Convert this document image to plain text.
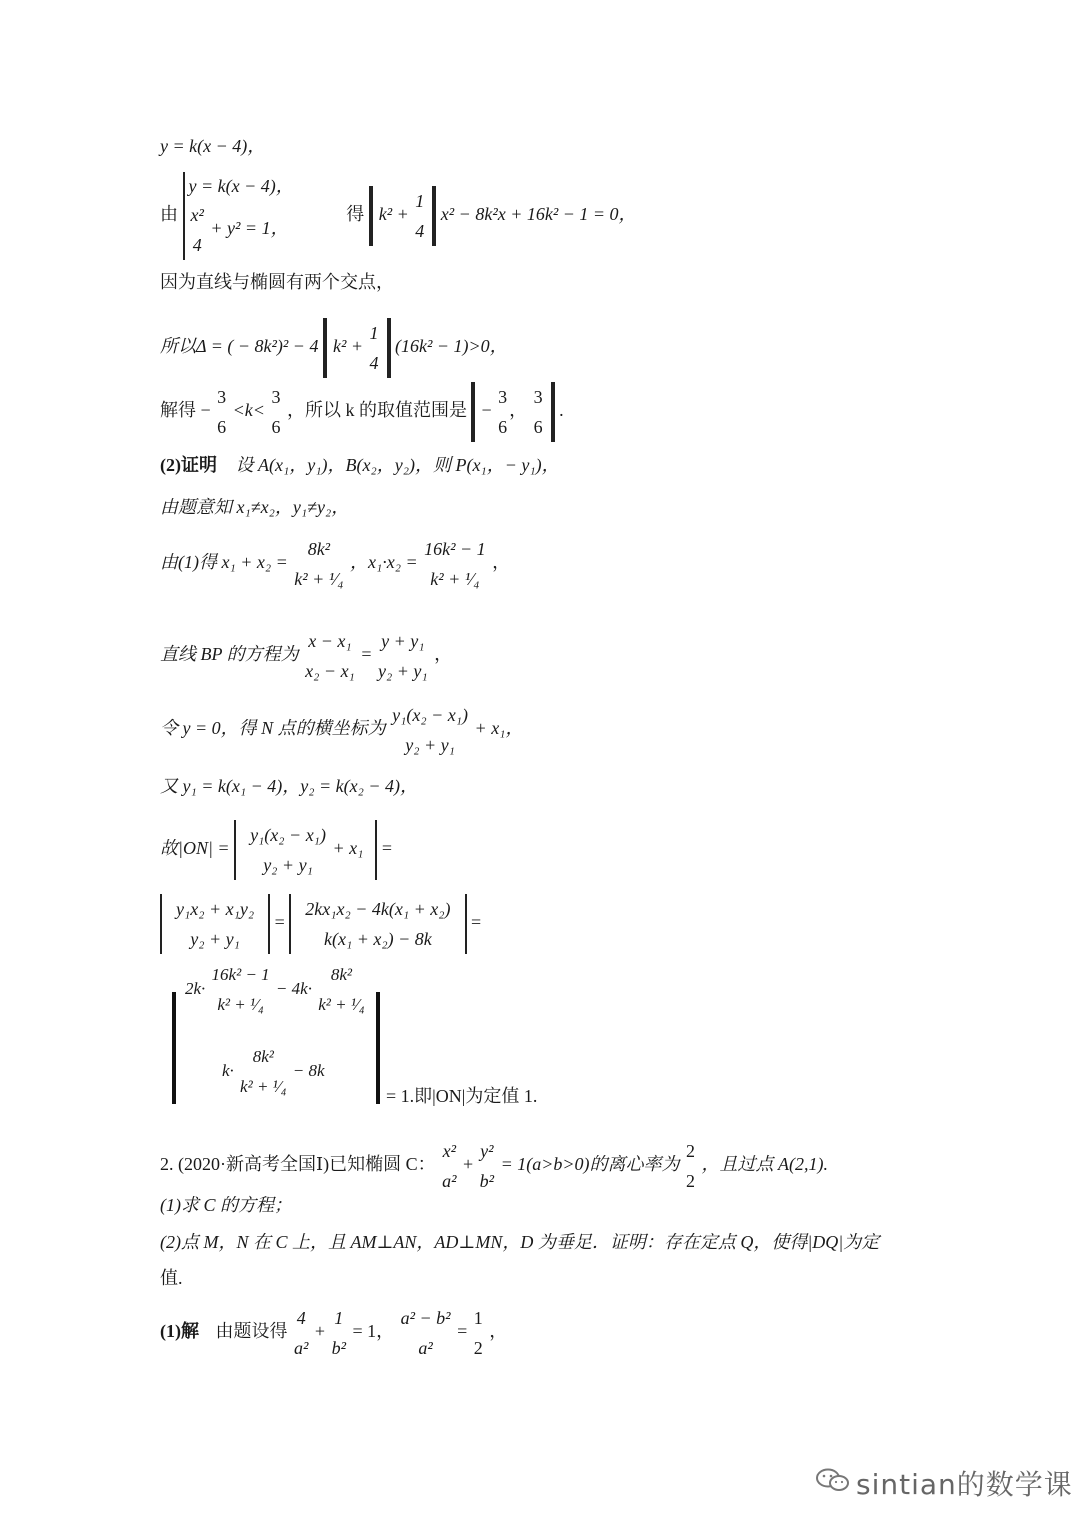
y = k(x − 4)，
由
y = k(x − 4)，
x²
4
+ y² = 1，
得 k² +
1
4
x² − 8k²x + 16k² − 1 = 0，
因为直线与椭圆有两个交点，
所以Δ = ( − 8k²)² − 4 k² +
1
4
(16k² − 1)>0，
解得 −
3
6
<k<
3
6
，所以 k 的取值范围是 −
3
6
，
3
6
.
(2)证明 设 A(x₁，y₁)，B(x₂，y₂)，则 P(x₁，− y₁)，
由题意知 x₁≠x₂，y₁≠y₂，
由(1)得 x₁ + x₂ =
8k²
k² + ¹⁄₄
，x₁·x₂ =
16k² − 1
k² + ¹⁄₄
，
直线 BP 的方程为
x − x₁
x₂ − x₁
=
y + y₁
y₂ + y₁
，
令 y = 0，得 N 点的横坐标为
y₁(x₂ − x₁)
y₂ + y₁
+ x₁，
又 y₁ = k(x₁ − 4)，y₂ = k(x₂ − 4)，
故|ON| =
y₁(x₂ − x₁)
y₂ + y₁
+ x₁ =
y₁x₂ + x₁y₂
y₂ + y₁
=
2kx₁x₂ − 4k(x₁ + x₂)
k(x₁ + x₂) − 8k
=
2k·
16k² − 1
k² + ¹⁄₄
− 4k·
8k²
k² + ¹⁄₄
k·
8k²
k² + ¹⁄₄
− 8k
= 1.即|ON|为定值 1.
2. (2020·新高考全国Ⅰ)已知椭圆 C：
x²
a²
+
y²
b²
= 1(a>b>0)的离心率为
2
2
，且过点 A(2,1).
(1)求 C 的方程；
(2)点 M，N 在 C 上，且 AM⊥AN，AD⊥MN，D 为垂足．证明：存在定点 Q，使得|DQ|为定
值.
(1)解 由题设得
4
a²
+
1
b²
= 1，
a² − b²
a²
=
1
2
，
sintian的数学课
